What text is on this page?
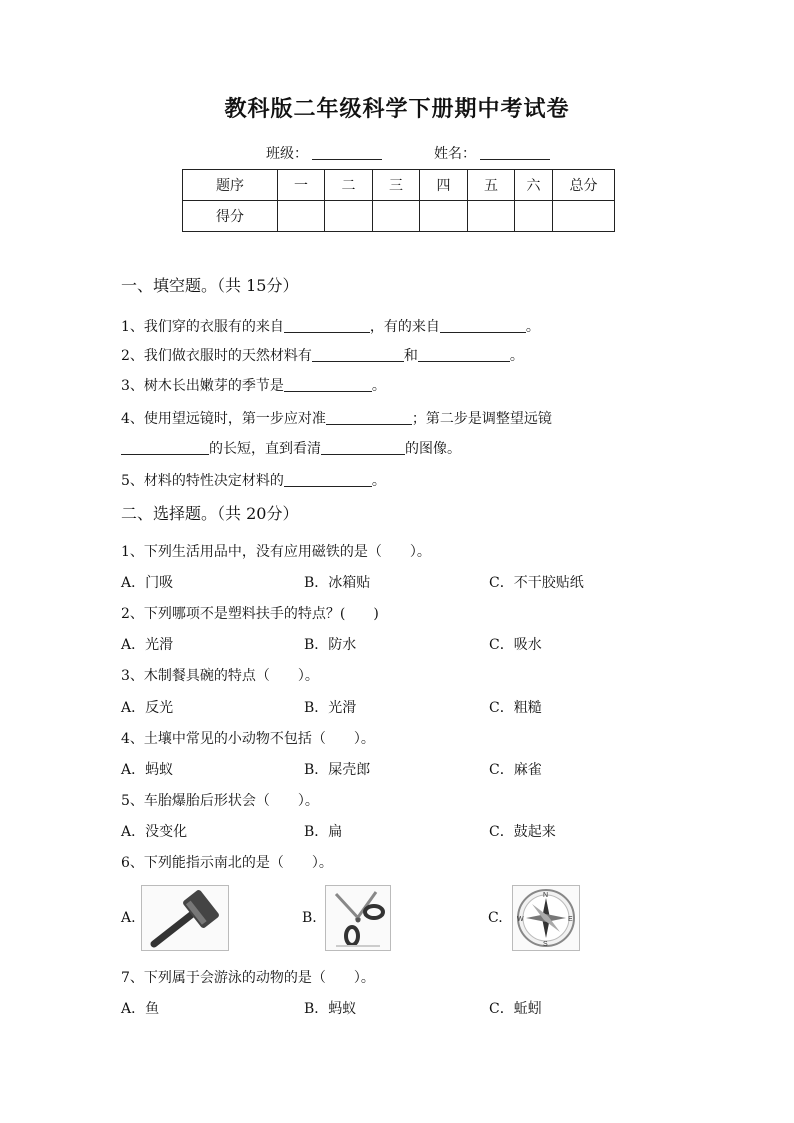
教科版二年级科学下册期中考试卷
班级：	姓名：
题序	一	二	三	四	五	六	总分
得分							
一、填空题。（共 15分）
1、我们穿的衣服有的来自	，有的来自	。
2、我们做衣服时的天然材料有	和	。
3、树木长出嫩芽的季节是	。
4、使用望远镜时，第一步应对准	；第二步是调整望远镜
的长短，直到看清	的图像。
5、材料的特性决定材料的	。
二、选择题。（共 20分）
1、下列生活用品中，没有应用磁铁的是（　　）。
A．门吸	B．冰箱贴	C．不干胶贴纸
2、下列哪项不是塑料扶手的特点？(　　)
A．光滑	B．防水	C．吸水
3、木制餐具碗的特点（　　）。
A．反光	B．光滑	C．粗糙
4、土壤中常见的小动物不包括（　　）。
A．蚂蚁	B．屎壳郎	C．麻雀
5、车胎爆胎后形状会（　　）。
A．没变化	B．扁	C．鼓起来
6、下列能指示南北的是（　　）。
A.	B.	C.
N
E
S
W
7、下列属于会游泳的动物的是（　　）。
A．鱼	B．蚂蚁	C．蚯蚓
